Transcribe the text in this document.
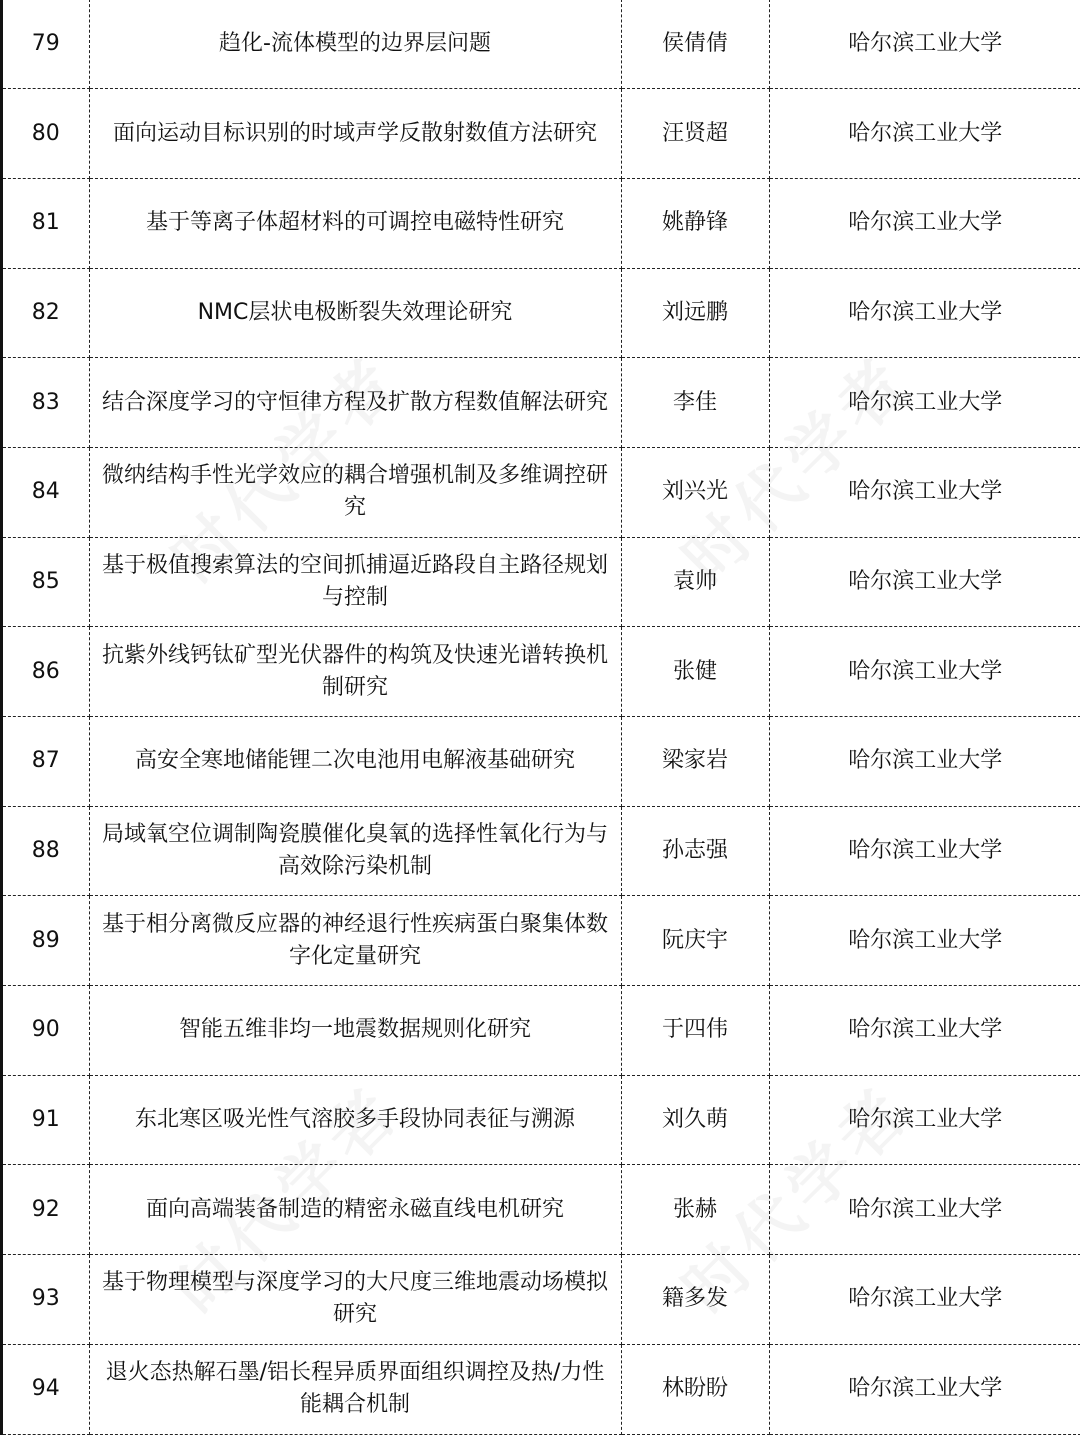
79	趋化-流体模型的边界层问题	侯倩倩	哈尔滨工业大学
80	面向运动目标识别的时域声学反散射数值方法研究	汪贤超	哈尔滨工业大学
81	基于等离子体超材料的可调控电磁特性研究	姚静锋	哈尔滨工业大学
82	NMC层状电极断裂失效理论研究	刘远鹏	哈尔滨工业大学
83	结合深度学习的守恒律方程及扩散方程数值解法研究	李佳	哈尔滨工业大学
84	微纳结构手性光学效应的耦合增强机制及多维调控研究	刘兴光	哈尔滨工业大学
85	基于极值搜索算法的空间抓捕逼近路段自主路径规划与控制	袁帅	哈尔滨工业大学
86	抗紫外线钙钛矿型光伏器件的构筑及快速光谱转换机制研究	张健	哈尔滨工业大学
87	高安全寒地储能锂二次电池用电解液基础研究	梁家岩	哈尔滨工业大学
88	局域氧空位调制陶瓷膜催化臭氧的选择性氧化行为与高效除污染机制	孙志强	哈尔滨工业大学
89	基于相分离微反应器的神经退行性疾病蛋白聚集体数字化定量研究	阮庆宇	哈尔滨工业大学
90	智能五维非均一地震数据规则化研究	于四伟	哈尔滨工业大学
91	东北寒区吸光性气溶胶多手段协同表征与溯源	刘久萌	哈尔滨工业大学
92	面向高端装备制造的精密永磁直线电机研究	张赫	哈尔滨工业大学
93	基于物理模型与深度学习的大尺度三维地震动场模拟研究	籍多发	哈尔滨工业大学
94	退火态热解石墨/铝长程异质界面组织调控及热/力性能耦合机制	林盼盼	哈尔滨工业大学
